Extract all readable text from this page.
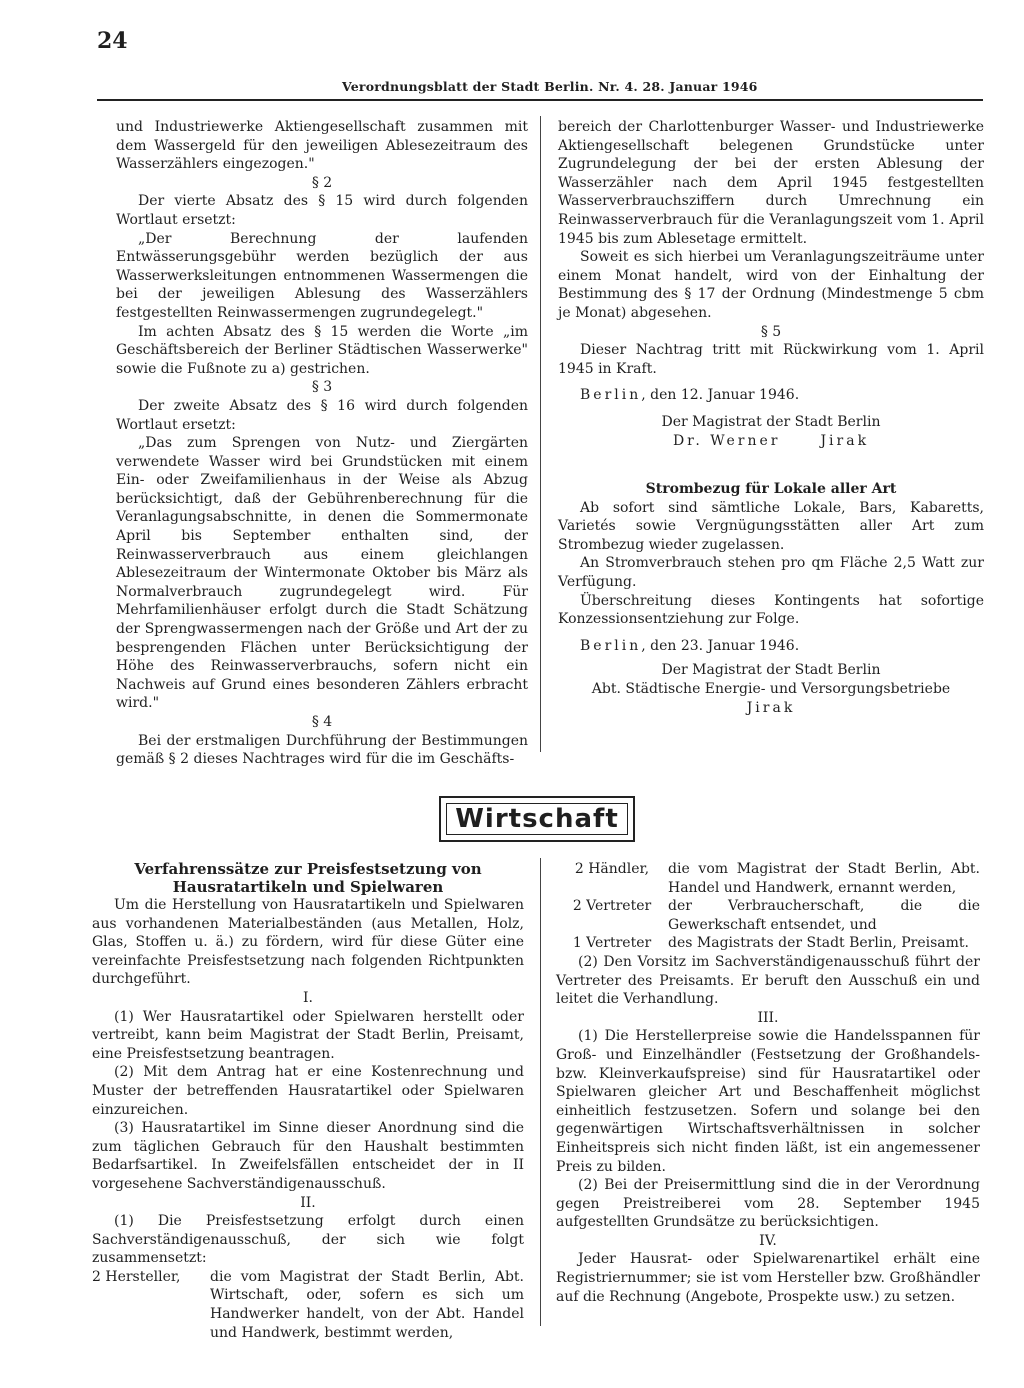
24
Verordnungsblatt der Stadt Berlin. Nr. 4. 28. Januar 1946

und Industriewerke Aktiengesellschaft zusammen mit dem Wassergeld für den jeweiligen Ablesezeitraum des Wasserzählers eingezogen."

§ 2

Der vierte Absatz des § 15 wird durch folgenden Wortlaut ersetzt:

„Der Berechnung der laufenden Entwässerungsgebühr werden bezüglich der aus Wasserwerksleitungen entnommenen Wassermengen die bei der jeweiligen Ablesung des Wasserzählers festgestellten Reinwassermengen zugrundegelegt."

Im achten Absatz des § 15 werden die Worte „im Geschäftsbereich der Berliner Städtischen Wasserwerke" sowie die Fußnote zu a) gestrichen.

§ 3

Der zweite Absatz des § 16 wird durch folgenden Wortlaut ersetzt:

„Das zum Sprengen von Nutz- und Ziergärten verwendete Wasser wird bei Grundstücken mit einem Ein- oder Zweifamilienhaus in der Weise als Abzug berücksichtigt, daß der Gebührenberechnung für die Veranlagungsabschnitte, in denen die Sommermonate April bis September enthalten sind, der Reinwasserverbrauch aus einem gleichlangen Ablesezeitraum der Wintermonate Oktober bis März als Normalverbrauch zugrundegelegt wird. Für Mehrfamilienhäuser erfolgt durch die Stadt Schätzung der Sprengwassermengen nach der Größe und Art der zu besprengenden Flächen unter Berücksichtigung der Höhe des Reinwasserverbrauchs, sofern nicht ein Nachweis auf Grund eines besonderen Zählers erbracht wird."

§ 4

Bei der erstmaligen Durchführung der Bestimmungen gemäß § 2 dieses Nachtrages wird für die im Geschäfts-

bereich der Charlottenburger Wasser- und Industriewerke Aktiengesellschaft belegenen Grundstücke unter Zugrundelegung der bei der ersten Ablesung der Wasserzähler nach dem April 1945 festgestellten Wasserverbrauchsziffern durch Umrechnung ein Reinwasserverbrauch für die Veranlagungszeit vom 1. April 1945 bis zum Ablesetage ermittelt.

Soweit es sich hierbei um Veranlagungszeiträume unter einem Monat handelt, wird von der Einhaltung der Bestimmung des § 17 der Ordnung (Mindestmenge 5 cbm je Monat) abgesehen.

§ 5

Dieser Nachtrag tritt mit Rückwirkung vom 1. April 1945 in Kraft.

Berlin, den 12. Januar 1946.

Der Magistrat der Stadt Berlin

Dr. Werner	Jirak

Strombezug für Lokale aller Art

Ab sofort sind sämtliche Lokale, Bars, Kabaretts, Varietés sowie Vergnügungsstätten aller Art zum Strombezug wieder zugelassen.

An Stromverbrauch stehen pro qm Fläche 2,5 Watt zur Verfügung.

Überschreitung dieses Kontingents hat sofortige Konzessionsentziehung zur Folge.

Berlin, den 23. Januar 1946.

Der Magistrat der Stadt Berlin

Abt. Städtische Energie- und Versorgungsbetriebe

Jirak

Wirtschaft

Verfahrenssätze zur Preisfestsetzung von Hausratartikeln und Spielwaren

Um die Herstellung von Hausratartikeln und Spielwaren aus vorhandenen Materialbeständen (aus Metallen, Holz, Glas, Stoffen u. ä.) zu fördern, wird für diese Güter eine vereinfachte Preisfestsetzung nach folgenden Richtpunkten durchgeführt.

I.

(1) Wer Hausratartikel oder Spielwaren herstellt oder vertreibt, kann beim Magistrat der Stadt Berlin, Preisamt, eine Preisfestsetzung beantragen.

(2) Mit dem Antrag hat er eine Kostenrechnung und Muster der betreffenden Hausratartikel oder Spielwaren einzureichen.

(3) Hausratartikel im Sinne dieser Anordnung sind die zum täglichen Gebrauch für den Haushalt bestimmten Bedarfsartikel. In Zweifelsfällen entscheidet der in II vorgesehene Sachverständigenausschuß.

II.

(1) Die Preisfestsetzung erfolgt durch einen Sachverständigenausschuß, der sich wie folgt zusammensetzt:

2 Hersteller,	die vom Magistrat der Stadt Berlin, Abt. Wirtschaft, oder, sofern es sich um Handwerker handelt, von der Abt. Handel und Handwerk, bestimmt werden,
2 Händler,	die vom Magistrat der Stadt Berlin, Abt. Handel und Handwerk, ernannt werden,
2 Vertreter	der Verbraucherschaft, die die Gewerkschaft entsendet, und
1 Vertreter	des Magistrats der Stadt Berlin, Preisamt.

(2) Den Vorsitz im Sachverständigenausschuß führt der Vertreter des Preisamts. Er beruft den Ausschuß ein und leitet die Verhandlung.

III.

(1) Die Herstellerpreise sowie die Handelsspannen für Groß- und Einzelhändler (Festsetzung der Großhandels- bzw. Kleinverkaufspreise) sind für Hausratartikel oder Spielwaren gleicher Art und Beschaffenheit möglichst einheitlich festzusetzen. Sofern und solange bei den gegenwärtigen Wirtschaftsverhältnissen in solcher Einheitspreis sich nicht finden läßt, ist ein angemessener Preis zu bilden.

(2) Bei der Preisermittlung sind die in der Verordnung gegen Preistreiberei vom 28. September 1945 aufgestellten Grundsätze zu berücksichtigen.

IV.

Jeder Hausrat- oder Spielwarenartikel erhält eine Registriernummer; sie ist vom Hersteller bzw. Großhändler auf die Rechnung (Angebote, Prospekte usw.) zu setzen.
